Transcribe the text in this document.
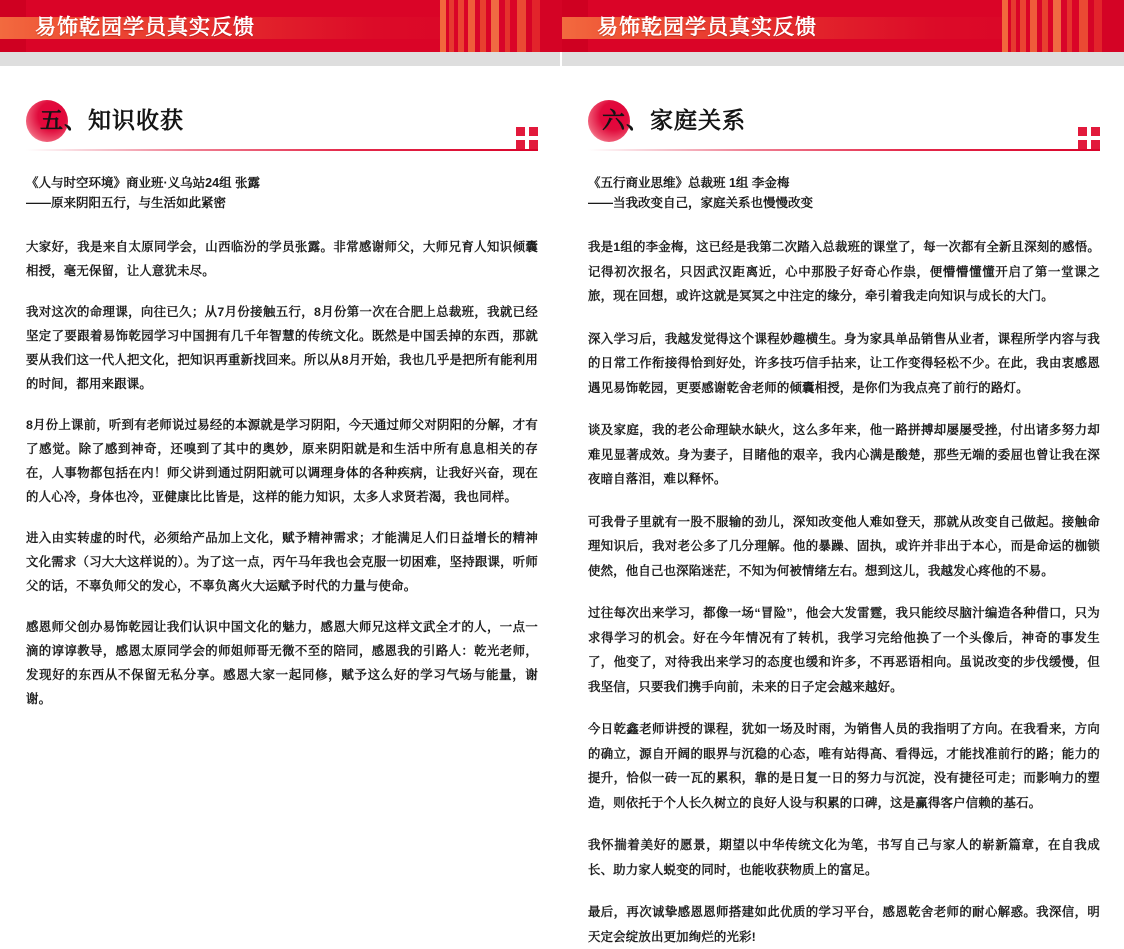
易饰乾园学员真实反馈
五、知识收获
《人与时空环境》商业班·义乌站24组 张露
——原来阴阳五行，与生活如此紧密

大家好，我是来自太原同学会，山西临汾的学员张露。非常感谢师父，大师兄育人知识倾囊相授，毫无保留，让人意犹未尽。

我对这次的命理课，向往已久；从7月份接触五行，8月份第一次在合肥上总裁班，我就已经坚定了要跟着易饰乾园学习中国拥有几千年智慧的传统文化。既然是中国丢掉的东西，那就要从我们这一代人把文化，把知识再重新找回来。所以从8月开始，我也几乎是把所有能利用的时间，都用来跟课。

8月份上课前，听到有老师说过易经的本源就是学习阴阳，今天通过师父对阴阳的分解，才有了感觉。除了感到神奇，还嗅到了其中的奥妙，原来阴阳就是和生活中所有息息相关的存在，人事物都包括在内！师父讲到通过阴阳就可以调理身体的各种疾病，让我好兴奋，现在的人心冷，身体也冷，亚健康比比皆是，这样的能力知识，太多人求贤若渴，我也同样。

进入由实转虚的时代，必须给产品加上文化，赋予精神需求；才能满足人们日益增长的精神文化需求（习大大这样说的）。为了这一点，丙午马年我也会克服一切困难，坚持跟课，听师父的话，不辜负师父的发心，不辜负离火大运赋予时代的力量与使命。

感恩师父创办易饰乾园让我们认识中国文化的魅力，感恩大师兄这样文武全才的人，一点一滴的谆谆教导，感恩太原同学会的师姐师哥无微不至的陪同，感恩我的引路人：乾光老师，发现好的东西从不保留无私分享。感恩大家一起同修，赋予这么好的学习气场与能量，谢谢。

易饰乾园学员真实反馈
六、家庭关系
《五行商业思维》总裁班 1组 李金梅
——当我改变自己，家庭关系也慢慢改变

我是1组的李金梅，这已经是我第二次踏入总裁班的课堂了，每一次都有全新且深刻的感悟。记得初次报名，只因武汉距离近，心中那股子好奇心作祟，便懵懵懂懂开启了第一堂课之旅，现在回想，或许这就是冥冥之中注定的缘分，牵引着我走向知识与成长的大门。

深入学习后，我越发觉得这个课程妙趣横生。身为家具单品销售从业者，课程所学内容与我的日常工作衔接得恰到好处，许多技巧信手拈来，让工作变得轻松不少。在此，我由衷感恩遇见易饰乾园，更要感谢乾舍老师的倾囊相授，是你们为我点亮了前行的路灯。

谈及家庭，我的老公命理缺水缺火，这么多年来，他一路拼搏却屡屡受挫，付出诸多努力却难见显著成效。身为妻子，目睹他的艰辛，我内心满是酸楚，那些无端的委屈也曾让我在深夜暗自落泪，难以释怀。

可我骨子里就有一股不服输的劲儿，深知改变他人难如登天，那就从改变自己做起。接触命理知识后，我对老公多了几分理解。他的暴躁、固执，或许并非出于本心，而是命运的枷锁使然，他自己也深陷迷茫，不知为何被情绪左右。想到这儿，我越发心疼他的不易。

过往每次出来学习，都像一场“冒险”，他会大发雷霆，我只能绞尽脑汁编造各种借口，只为求得学习的机会。好在今年情况有了转机，我学习完给他换了一个头像后，神奇的事发生了，他变了，对待我出来学习的态度也缓和许多，不再恶语相向。虽说改变的步伐缓慢，但我坚信，只要我们携手向前，未来的日子定会越来越好。

今日乾鑫老师讲授的课程，犹如一场及时雨，为销售人员的我指明了方向。在我看来，方向的确立，源自开阔的眼界与沉稳的心态，唯有站得高、看得远，才能找准前行的路；能力的提升，恰似一砖一瓦的累积，靠的是日复一日的努力与沉淀，没有捷径可走；而影响力的塑造，则依托于个人长久树立的良好人设与积累的口碑，这是赢得客户信赖的基石。

我怀揣着美好的愿景，期望以中华传统文化为笔，书写自己与家人的崭新篇章，在自我成长、助力家人蜕变的同时，也能收获物质上的富足。

最后，再次诚挚感恩恩师搭建如此优质的学习平台，感恩乾舍老师的耐心解惑。我深信，明天定会绽放出更加绚烂的光彩!
